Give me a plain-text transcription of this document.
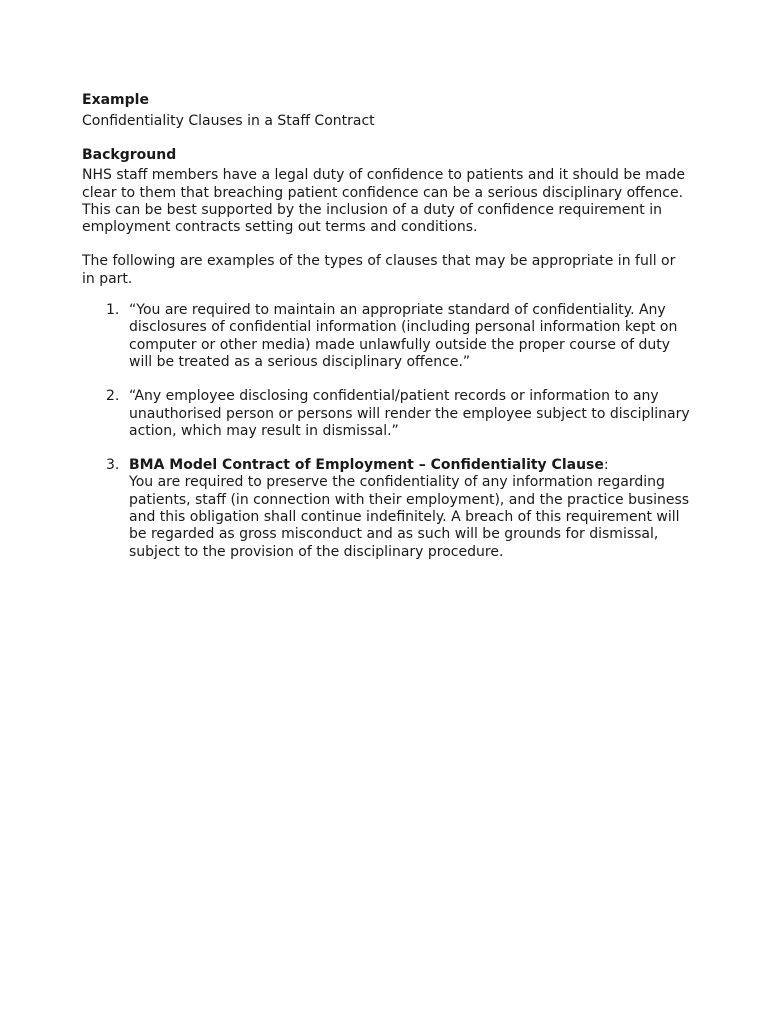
Example

Confidentiality Clauses in a Staff Contract

Background

NHS staff members have a legal duty of confidence to patients and it should be made clear to them that breaching patient confidence can be a serious disciplinary offence. This can be best supported by the inclusion of a duty of confidence requirement in employment contracts setting out terms and conditions.

The following are examples of the types of clauses that may be appropriate in full or in part.

1. “You are required to maintain an appropriate standard of confidentiality. Any disclosures of confidential information (including personal information kept on computer or other media) made unlawfully outside the proper course of duty will be treated as a serious disciplinary offence.”
2. “Any employee disclosing confidential/patient records or information to any unauthorised person or persons will render the employee subject to disciplinary action, which may result in dismissal.”
3. BMA Model Contract of Employment – Confidentiality Clause:
You are required to preserve the confidentiality of any information regarding patients, staff (in connection with their employment), and the practice business and this obligation shall continue indefinitely. A breach of this requirement will be regarded as gross misconduct and as such will be grounds for dismissal, subject to the provision of the disciplinary procedure.
